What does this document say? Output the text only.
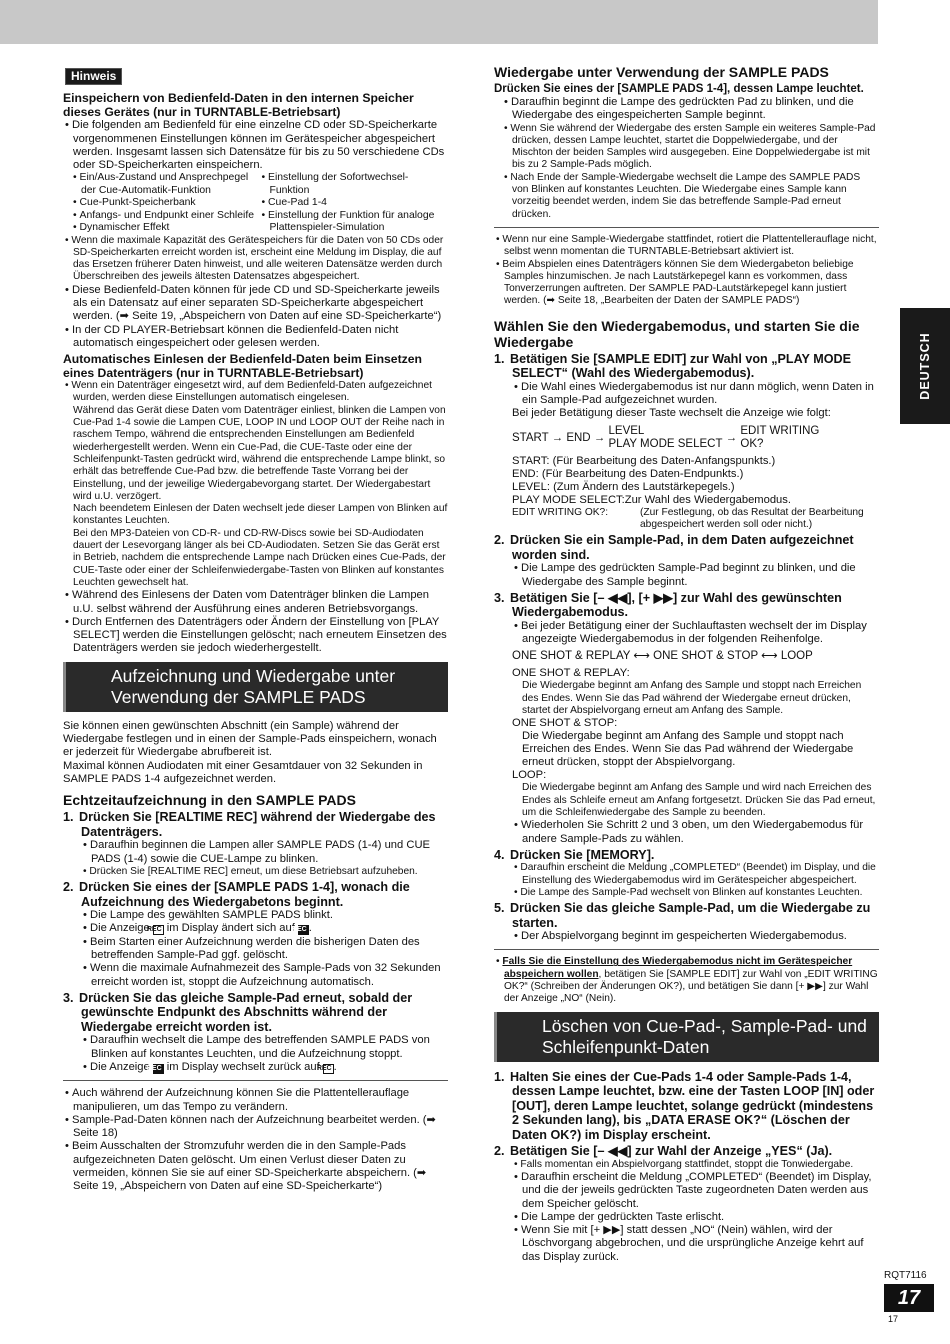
Hinweis

Einspeichern von Bedienfeld-Daten in den internen Speicher dieses Gerätes (nur in TURNTABLE-Betriebsart)

• Die folgenden am Bedienfeld für eine einzelne CD oder SD-Speicherkarte vorgenommenen Einstellungen können im Gerätespeicher abgespeichert werden. Insgesamt lassen sich Datensätze für bis zu 50 verschiedene CDs oder SD-Speicherkarten einspeichern.

• Ein/Aus-Zustand und Ansprechpegel der Cue-Automatik-Funktion

• Cue-Punkt-Speicherbank

• Anfangs- und Endpunkt einer Schleife

• Dynamischer Effekt

• Einstellung der Sofortwechsel-Funktion

• Cue-Pad 1-4

• Einstellung der Funktion für analoge Plattenspieler-Simulation

• Wenn die maximale Kapazität des Gerätespeichers für die Daten von 50 CDs oder SD-Speicherkarten erreicht worden ist, erscheint eine Meldung im Display, die auf das Ersetzen früherer Daten hinweist, und alle weiteren Datensätze werden durch Überschreiben des jeweils ältesten Datensatzes abgespeichert.

• Diese Bedienfeld-Daten können für jede CD und SD-Speicherkarte jeweils als ein Datensatz auf einer separaten SD-Speicherkarte abgespeichert werden. (➡ Seite 19, „Abspeichern von Daten auf eine SD-Speicherkarte“)

• In der CD PLAYER-Betriebsart können die Bedienfeld-Daten nicht automatisch eingespeichert oder gelesen werden.

Automatisches Einlesen der Bedienfeld-Daten beim Einsetzen eines Datenträgers (nur in TURNTABLE-Betriebsart)

• Wenn ein Datenträger eingesetzt wird, auf dem Bedienfeld-Daten aufgezeichnet wurden, werden diese Einstellungen automatisch eingelesen.

Während das Gerät diese Daten vom Datenträger einliest, blinken die Lampen von Cue-Pad 1-4 sowie die Lampen CUE, LOOP IN und LOOP OUT der Reihe nach in raschem Tempo, während die entsprechenden Einstellungen am Bedienfeld wiederhergestellt werden. Wenn ein Cue-Pad, die CUE-Taste oder eine der Schleifenpunkt-Tasten gedrückt wird, während die entsprechende Lampe blinkt, so erhält das betreffende Cue-Pad bzw. die betreffende Taste Vorrang bei der Einstellung, und der jeweilige Wiedergabevorgang startet. Der Wiedergabestart wird u.U. verzögert.

Nach beendetem Einlesen der Daten wechselt jede dieser Lampen von Blinken auf konstantes Leuchten.

Bei den MP3-Dateien von CD-R- und CD-RW-Discs sowie bei SD-Audiodaten dauert der Lesevorgang länger als bei CD-Audiodaten. Setzen Sie das Gerät erst in Betrieb, nachdem die entsprechende Lampe nach Drücken eines Cue-Pads, der CUE-Taste oder einer der Schleifenwiedergabe-Tasten von Blinken auf konstantes Leuchten gewechselt hat.

• Während des Einlesens der Daten vom Datenträger blinken die Lampen u.U. selbst während der Ausführung eines anderen Betriebsvorgangs.

• Durch Entfernen des Datenträgers oder Ändern der Einstellung von [PLAY SELECT] werden die Einstellungen gelöscht; nach erneutem Einsetzen des Datenträgers werden sie jedoch wiederhergestellt.

Aufzeichnung und Wiedergabe unter Verwendung der SAMPLE PADS

Sie können einen gewünschten Abschnitt (ein Sample) während der Wiedergabe festlegen und in einen der Sample-Pads einspeichern, wonach er jederzeit für Wiedergabe abrufbereit ist.

Maximal können Audiodaten mit einer Gesamtdauer von 32 Sekunden in SAMPLE PADS 1-4 aufgezeichnet werden.

Echtzeitaufzeichnung in den SAMPLE PADS

1. Drücken Sie [REALTIME REC] während der Wiedergabe des Datenträgers.

• Daraufhin beginnen die Lampen aller SAMPLE PADS (1-4) und CUE PADS (1-4) sowie die CUE-Lampe zu blinken.

• Drücken Sie [REALTIME REC] erneut, um diese Betriebsart aufzuheben.

2. Drücken Sie eines der [SAMPLE PADS 1-4], wonach die Aufzeichnung des Wiedergabetons beginnt.

• Die Lampe des gewählten SAMPLE PADS blinkt.

• Die Anzeige REC im Display ändert sich auf REC .

• Beim Starten einer Aufzeichnung werden die bisherigen Daten des betreffenden Sample-Pad ggf. gelöscht.

• Wenn die maximale Aufnahmezeit des Sample-Pads von 32 Sekunden erreicht worden ist, stoppt die Aufzeichnung automatisch.

3. Drücken Sie das gleiche Sample-Pad erneut, sobald der gewünschte Endpunkt des Abschnitts während der Wiedergabe erreicht worden ist.

• Daraufhin wechselt die Lampe des betreffenden SAMPLE PADS von Blinken auf konstantes Leuchten, und die Aufzeichnung stoppt.

• Die Anzeige REC im Display wechselt zurück auf REC .

• Auch während der Aufzeichnung können Sie die Plattentellerauflage manipulieren, um das Tempo zu verändern.

• Sample-Pad-Daten können nach der Aufzeichnung bearbeitet werden. (➡ Seite 18)

• Beim Ausschalten der Stromzufuhr werden die in den Sample-Pads aufgezeichneten Daten gelöscht. Um einen Verlust dieser Daten zu vermeiden, können Sie sie auf einer SD-Speicherkarte abspeichern. (➡ Seite 19, „Abspeichern von Daten auf eine SD-Speicherkarte“)

Wiedergabe unter Verwendung der SAMPLE PADS

Drücken Sie eines der [SAMPLE PADS 1-4], dessen Lampe leuchtet.

• Daraufhin beginnt die Lampe des gedrückten Pad zu blinken, und die Wiedergabe des eingespeicherten Sample beginnt.

• Wenn Sie während der Wiedergabe des ersten Sample ein weiteres Sample-Pad drücken, dessen Lampe leuchtet, startet die Doppelwiedergabe, und der Mischton der beiden Samples wird ausgegeben. Eine Doppelwiedergabe ist mit bis zu 2 Sample-Pads möglich.

• Nach Ende der Sample-Wiedergabe wechselt die Lampe des SAMPLE PADS von Blinken auf konstantes Leuchten. Die Wiedergabe eines Sample kann vorzeitig beendet werden, indem Sie das betreffende Sample-Pad erneut drücken.

• Wenn nur eine Sample-Wiedergabe stattfindet, rotiert die Plattentellerauflage nicht, selbst wenn momentan die TURNTABLE-Betriebsart aktiviert ist.

• Beim Abspielen eines Datenträgers können Sie dem Wiedergabeton beliebige Samples hinzumischen. Je nach Lautstärkepegel kann es vorkommen, dass Tonverzerrungen auftreten. Der SAMPLE PAD-Lautstärkepegel kann justiert werden. (➡ Seite 18, „Bearbeiten der Daten der SAMPLE PADS“)

Wählen Sie den Wiedergabemodus, und starten Sie die Wiedergabe

1. Betätigen Sie [SAMPLE EDIT] zur Wahl von „PLAY MODE SELECT“ (Wahl des Wiedergabemodus).

• Die Wahl eines Wiedergabemodus ist nur dann möglich, wenn Daten in ein Sample-Pad aufgezeichnet wurden.

Bei jeder Betätigung dieser Taste wechselt die Anzeige wie folgt:

START → END → LEVEL
PLAY MODE SELECT → EDIT WRITING
OK?

START: (Für Bearbeitung des Daten-Anfangspunkts.)

END: (Für Bearbeitung des Daten-Endpunkts.)

LEVEL: (Zum Ändern des Lautstärkepegels.)

PLAY MODE SELECT:Zur Wahl des Wiedergabemodus.

EDIT WRITING OK?:	(Zur Festlegung, ob das Resultat der Bearbeitung abgespeichert werden soll oder nicht.)

2. Drücken Sie ein Sample-Pad, in dem Daten aufgezeichnet worden sind.

• Die Lampe des gedrückten Sample-Pad beginnt zu blinken, und die Wiedergabe des Sample beginnt.

3. Betätigen Sie [– ◀◀], [+ ▶▶] zur Wahl des gewünschten Wiedergabemodus.

• Bei jeder Betätigung einer der Suchlauftasten wechselt der im Display angezeigte Wiedergabemodus in der folgenden Reihenfolge.

ONE SHOT & REPLAY ⟷ ONE SHOT & STOP ⟷ LOOP

ONE SHOT & REPLAY:

Die Wiedergabe beginnt am Anfang des Sample und stoppt nach Erreichen des Endes. Wenn Sie das Pad während der Wiedergabe erneut drücken, startet der Abspielvorgang erneut am Anfang des Sample.

ONE SHOT & STOP:

Die Wiedergabe beginnt am Anfang des Sample und stoppt nach Erreichen des Endes. Wenn Sie das Pad während der Wiedergabe erneut drücken, stoppt der Abspielvorgang.

LOOP:

Die Wiedergabe beginnt am Anfang des Sample und wird nach Erreichen des Endes als Schleife erneut am Anfang fortgesetzt. Drücken Sie das Pad erneut, um die Schleifenwiedergabe des Sample zu beenden.

• Wiederholen Sie Schritt 2 und 3 oben, um den Wiedergabemodus für andere Sample-Pads zu wählen.

4. Drücken Sie [MEMORY].

• Daraufhin erscheint die Meldung „COMPLETED“ (Beendet) im Display, und die Einstellung des Wiedergabemodus wird im Gerätespeicher abgespeichert.

• Die Lampe des Sample-Pad wechselt von Blinken auf konstantes Leuchten.

5. Drücken Sie das gleiche Sample-Pad, um die Wiedergabe zu starten.

• Der Abspielvorgang beginnt im gespeicherten Wiedergabemodus.

• Falls Sie die Einstellung des Wiedergabemodus nicht im Gerätespeicher abspeichern wollen, betätigen Sie [SAMPLE EDIT] zur Wahl von „EDIT WRITING OK?“ (Schreiben der Änderungen OK?), und betätigen Sie dann [+ ▶▶] zur Wahl der Anzeige „NO“ (Nein).

Löschen von Cue-Pad-, Sample-Pad- und Schleifenpunkt-Daten

1. Halten Sie eines der Cue-Pads 1-4 oder Sample-Pads 1-4, dessen Lampe leuchtet, bzw. eine der Tasten LOOP [IN] oder [OUT], deren Lampe leuchtet, solange gedrückt (mindestens 2 Sekunden lang), bis „DATA ERASE OK?“ (Löschen der Daten OK?) im Display erscheint.

2. Betätigen Sie [– ◀◀] zur Wahl der Anzeige „YES“ (Ja).

• Falls momentan ein Abspielvorgang stattfindet, stoppt die Tonwiedergabe.

• Daraufhin erscheint die Meldung „COMPLETED“ (Beendet) im Display, und die der jeweils gedrückten Taste zugeordneten Daten werden aus dem Speicher gelöscht.

• Die Lampe der gedrückten Taste erlischt.

• Wenn Sie mit [+ ▶▶] statt dessen „NO“ (Nein) wählen, wird der Löschvorgang abgebrochen, und die ursprüngliche Anzeige kehrt auf das Display zurück.

DEUTSCH
RQT7116
17
17
